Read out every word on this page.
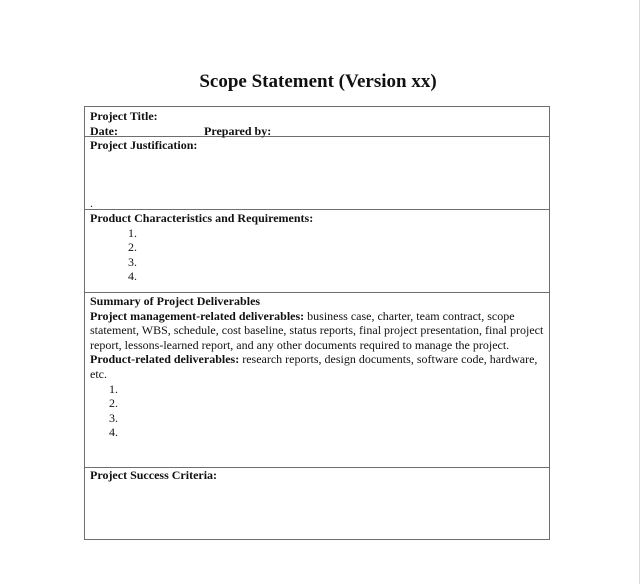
Scope Statement (Version xx)
Project Title:
Date:	Prepared by:
Project Justification:
.
Product Characteristics and Requirements:
1.
2.
3.
4.
Summary of Project Deliverables

Project management-related deliverables: business case, charter, team contract, scope statement, WBS, schedule, cost baseline, status reports, final project presentation, final project report, lessons-learned report, and any other documents required to manage the project.

Product-related deliverables: research reports, design documents, software code, hardware, etc.

1.
2.
3.
4.
Project Success Criteria:
